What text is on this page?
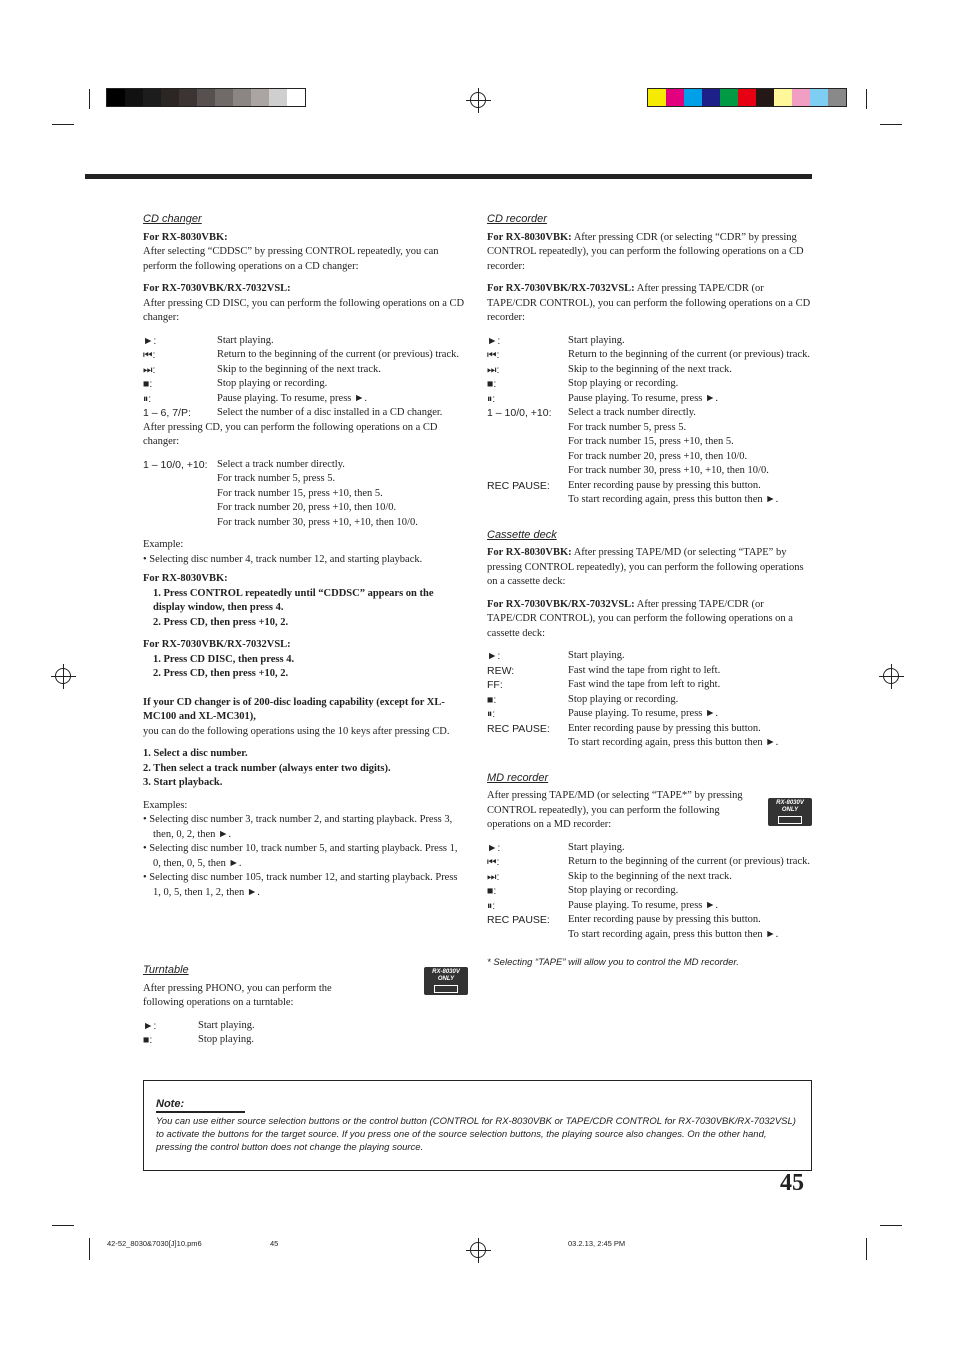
CD changer
For RX-8030VBK:
After selecting “CDDSC” by pressing CONTROL repeatedly, you can perform the following operations on a CD changer:
For RX-7030VBK/RX-7032VSL:
After pressing CD DISC, you can perform the following operations on a CD changer:
►:	Start playing.
⏮:	Return to the beginning of the current (or previous) track.
⏭:	Skip to the beginning of the next track.
■:	Stop playing or recording.
⏸:	Pause playing. To resume, press ►.
1 – 6, 7/P:	Select the number of a disc installed in a CD changer.
After pressing CD, you can perform the following operations on a CD changer:
1 – 10/0, +10: Select a track number directly.
For track number 5, press 5.
For track number 15, press +10, then 5.
For track number 20, press +10, then 10/0.
For track number 30, press +10, +10, then 10/0.
Example:
• Selecting disc number 4, track number 12, and starting playback.
For RX-8030VBK:
1. Press CONTROL repeatedly until “CDDSC” appears on the display window, then press 4.
2. Press CD, then press +10, 2.
For RX-7030VBK/RX-7032VSL:
1. Press CD DISC, then press 4.
2. Press CD, then press +10, 2.
If your CD changer is of 200-disc loading capability (except for XL-MC100 and XL-MC301),
you can do the following operations using the 10 keys after pressing CD.
1. Select a disc number.
2. Then select a track number (always enter two digits).
3. Start playback.
Examples:
• Selecting disc number 3, track number 2, and starting playback. Press 3, then, 0, 2, then ►.
• Selecting disc number 10, track number 5, and starting playback. Press 1, 0, then, 0, 5, then ►.
• Selecting disc number 105, track number 12, and starting playback. Press 1, 0, 5, then 1, 2, then ►.
Turntable
After pressing PHONO, you can perform the following operations on a turntable:
►:	Start playing.
■:	Stop playing.
RX-8030V
ONLY
CD recorder
For RX-8030VBK: After pressing CDR (or selecting “CDR” by pressing CONTROL repeatedly), you can perform the following operations on a CD recorder:
For RX-7030VBK/RX-7032VSL: After pressing TAPE/CDR (or TAPE/CDR CONTROL), you can perform the following operations on a CD recorder:
►:	Start playing.
⏮:	Return to the beginning of the current (or previous) track.
⏭:	Skip to the beginning of the next track.
■:	Stop playing or recording.
⏸:	Pause playing. To resume, press ►.
1 – 10/0, +10:	Select a track number directly.
For track number 5, press 5.
For track number 15, press +10, then 5.
For track number 20, press +10, then 10/0.
For track number 30, press +10, +10, then 10/0.
REC PAUSE:	Enter recording pause by pressing this button.
To start recording again, press this button then ►.
Cassette deck
For RX-8030VBK: After pressing TAPE/MD (or selecting “TAPE” by pressing CONTROL repeatedly), you can perform the following operations on a cassette deck:
For RX-7030VBK/RX-7032VSL: After pressing TAPE/CDR (or TAPE/CDR CONTROL), you can perform the following operations on a cassette deck:
►:	Start playing.
REW:	Fast wind the tape from right to left.
FF:	Fast wind the tape from left to right.
■:	Stop playing or recording.
⏸:	Pause playing. To resume, press ►.
REC PAUSE:	Enter recording pause by pressing this button.
To start recording again, press this button then ►.
MD recorder
After pressing TAPE/MD (or selecting “TAPE*” by pressing CONTROL repeatedly), you can perform the following operations on a MD recorder:
►:	Start playing.
⏮:	Return to the beginning of the current (or previous) track.
⏭:	Skip to the beginning of the next track.
■:	Stop playing or recording.
⏸:	Pause playing. To resume, press ►.
REC PAUSE:	Enter recording pause by pressing this button.
To start recording again, press this button then ►.
* Selecting “TAPE” will allow you to control the MD recorder.
RX-8030V
ONLY
Note:
You can use either source selection buttons or the control button (CONTROL for RX-8030VBK or TAPE/CDR CONTROL for RX-7030VBK/RX-7032VSL) to activate the buttons for the target source. If you press one of the source selection buttons, the playing source also changes. On the other hand, pressing the control button does not change the playing source.
45
42-52_8030&7030[J]10.pm6	45	03.2.13, 2:45 PM
